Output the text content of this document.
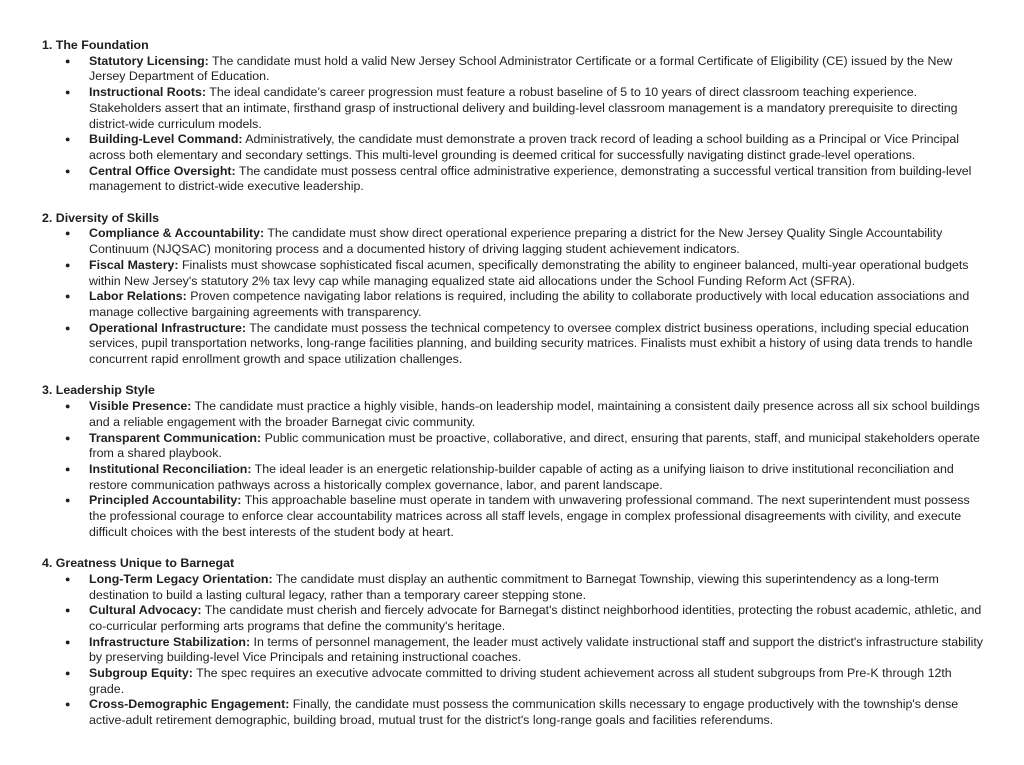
1. The Foundation

● Statutory Licensing: The candidate must hold a valid New Jersey School Administrator Certificate or a formal Certificate of Eligibility (CE) issued by the New Jersey Department of Education.
● Instructional Roots: The ideal candidate’s career progression must feature a robust baseline of 5 to 10 years of direct classroom teaching experience. Stakeholders assert that an intimate, firsthand grasp of instructional delivery and building-level classroom management is a mandatory prerequisite to directing district-wide curriculum models.
● Building-Level Command: Administratively, the candidate must demonstrate a proven track record of leading a school building as a Principal or Vice Principal across both elementary and secondary settings. This multi-level grounding is deemed critical for successfully navigating distinct grade-level operations.
● Central Office Oversight: The candidate must possess central office administrative experience, demonstrating a successful vertical transition from building-level management to district-wide executive leadership.

2. Diversity of Skills

● Compliance & Accountability: The candidate must show direct operational experience preparing a district for the New Jersey Quality Single Accountability Continuum (NJQSAC) monitoring process and a documented history of driving lagging student achievement indicators.
● Fiscal Mastery: Finalists must showcase sophisticated fiscal acumen, specifically demonstrating the ability to engineer balanced, multi-year operational budgets within New Jersey's statutory 2% tax levy cap while managing equalized state aid allocations under the School Funding Reform Act (SFRA).
● Labor Relations: Proven competence navigating labor relations is required, including the ability to collaborate productively with local education associations and manage collective bargaining agreements with transparency.
● Operational Infrastructure: The candidate must possess the technical competency to oversee complex district business operations, including special education services, pupil transportation networks, long-range facilities planning, and building security matrices. Finalists must exhibit a history of using data trends to handle concurrent rapid enrollment growth and space utilization challenges.

3. Leadership Style

● Visible Presence: The candidate must practice a highly visible, hands-on leadership model, maintaining a consistent daily presence across all six school buildings and a reliable engagement with the broader Barnegat civic community.
● Transparent Communication: Public communication must be proactive, collaborative, and direct, ensuring that parents, staff, and municipal stakeholders operate from a shared playbook.
● Institutional Reconciliation: The ideal leader is an energetic relationship-builder capable of acting as a unifying liaison to drive institutional reconciliation and restore communication pathways across a historically complex governance, labor, and parent landscape.
● Principled Accountability: This approachable baseline must operate in tandem with unwavering professional command. The next superintendent must possess the professional courage to enforce clear accountability matrices across all staff levels, engage in complex professional disagreements with civility, and execute difficult choices with the best interests of the student body at heart.

4. Greatness Unique to Barnegat

● Long-Term Legacy Orientation: The candidate must display an authentic commitment to Barnegat Township, viewing this superintendency as a long-term destination to build a lasting cultural legacy, rather than a temporary career stepping stone.
● Cultural Advocacy: The candidate must cherish and fiercely advocate for Barnegat's distinct neighborhood identities, protecting the robust academic, athletic, and co-curricular performing arts programs that define the community's heritage.
● Infrastructure Stabilization: In terms of personnel management, the leader must actively validate instructional staff and support the district's infrastructure stability by preserving building-level Vice Principals and retaining instructional coaches.
● Subgroup Equity: The spec requires an executive advocate committed to driving student achievement across all student subgroups from Pre-K through 12th grade.
● Cross-Demographic Engagement: Finally, the candidate must possess the communication skills necessary to engage productively with the township's dense active-adult retirement demographic, building broad, mutual trust for the district's long-range goals and facilities referendums.
